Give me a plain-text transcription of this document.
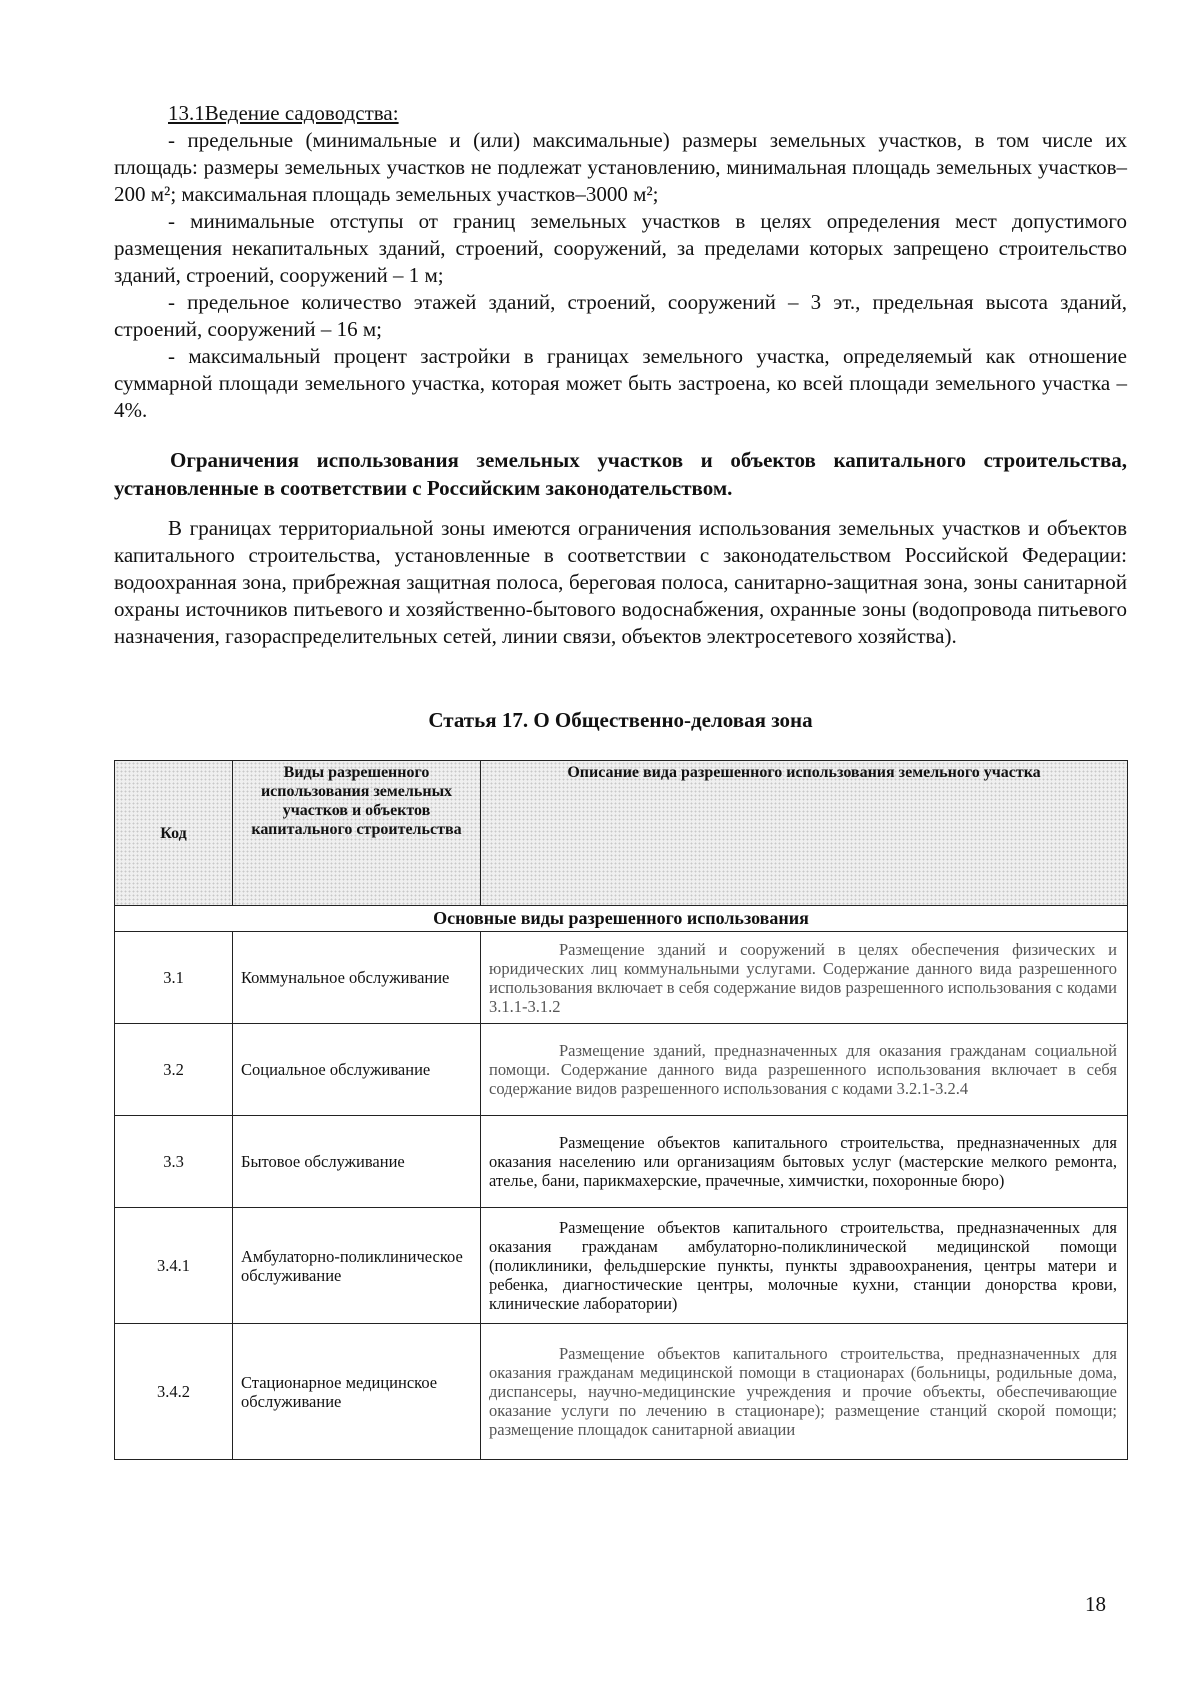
13.1Ведение садоводства:

- предельные (минимальные и (или) максимальные) размеры земельных участков, в том числе их площадь: размеры земельных участков не подлежат установлению, минимальная площадь земельных участков–200 м²; максимальная площадь земельных участков–3000 м²;

- минимальные отступы от границ земельных участков в целях определения мест допустимого размещения некапитальных зданий, строений, сооружений, за пределами которых запрещено строительство зданий, строений, сооружений – 1 м;

- предельное количество этажей зданий, строений, сооружений – 3 эт., предельная высота зданий, строений, сооружений – 16 м;

- максимальный процент застройки в границах земельного участка, определяемый как отношение суммарной площади земельного участка, которая может быть застроена, ко всей площади земельного участка – 4%.

Ограничения использования земельных участков и объектов капитального строительства, установленные в соответствии с Российским законодательством.

В границах территориальной зоны имеются ограничения использования земельных участков и объектов капитального строительства, установленные в соответствии с законодательством Российской Федерации: водоохранная зона, прибрежная защитная полоса, береговая полоса, санитарно-защитная зона, зоны санитарной охраны источников питьевого и хозяйственно-бытового водоснабжения, охранные зоны (водопровода питьевого назначения, газораспределительных сетей, линии связи, объектов электросетевого хозяйства).

Статья 17. О Общественно-деловая зона

Код	Виды разрешенного использования земельных участков и объектов капитального строительства	Описание вида разрешенного использования земельного участка
Основные виды разрешенного использования		
3.1	Коммунальное обслуживание	Размещение зданий и сооружений в целях обеспечения физических и юридических лиц коммунальными услугами. Содержание данного вида разрешенного использования включает в себя содержание видов разрешенного использования с кодами 3.1.1-3.1.2
3.2	Социальное обслуживание	Размещение зданий, предназначенных для оказания гражданам социальной помощи. Содержание данного вида разрешенного использования включает в себя содержание видов разрешенного использования с кодами 3.2.1-3.2.4
3.3	Бытовое обслуживание	Размещение объектов капитального строительства, предназначенных для оказания населению или организациям бытовых услуг (мастерские мелкого ремонта, ателье, бани, парикмахерские, прачечные, химчистки, похоронные бюро)
3.4.1	Амбулаторно-поликлиническое обслуживание	Размещение объектов капитального строительства, предназначенных для оказания гражданам амбулаторно-поликлинической медицинской помощи (поликлиники, фельдшерские пункты, пункты здравоохранения, центры матери и ребенка, диагностические центры, молочные кухни, станции донорства крови, клинические лаборатории)
3.4.2	Стационарное медицинское обслуживание	Размещение объектов капитального строительства, предназначенных для оказания гражданам медицинской помощи в стационарах (больницы, родильные дома, диспансеры, научно-медицинские учреждения и прочие объекты, обеспечивающие оказание услуги по лечению в стационаре); размещение станций скорой помощи; размещение площадок санитарной авиации

18
